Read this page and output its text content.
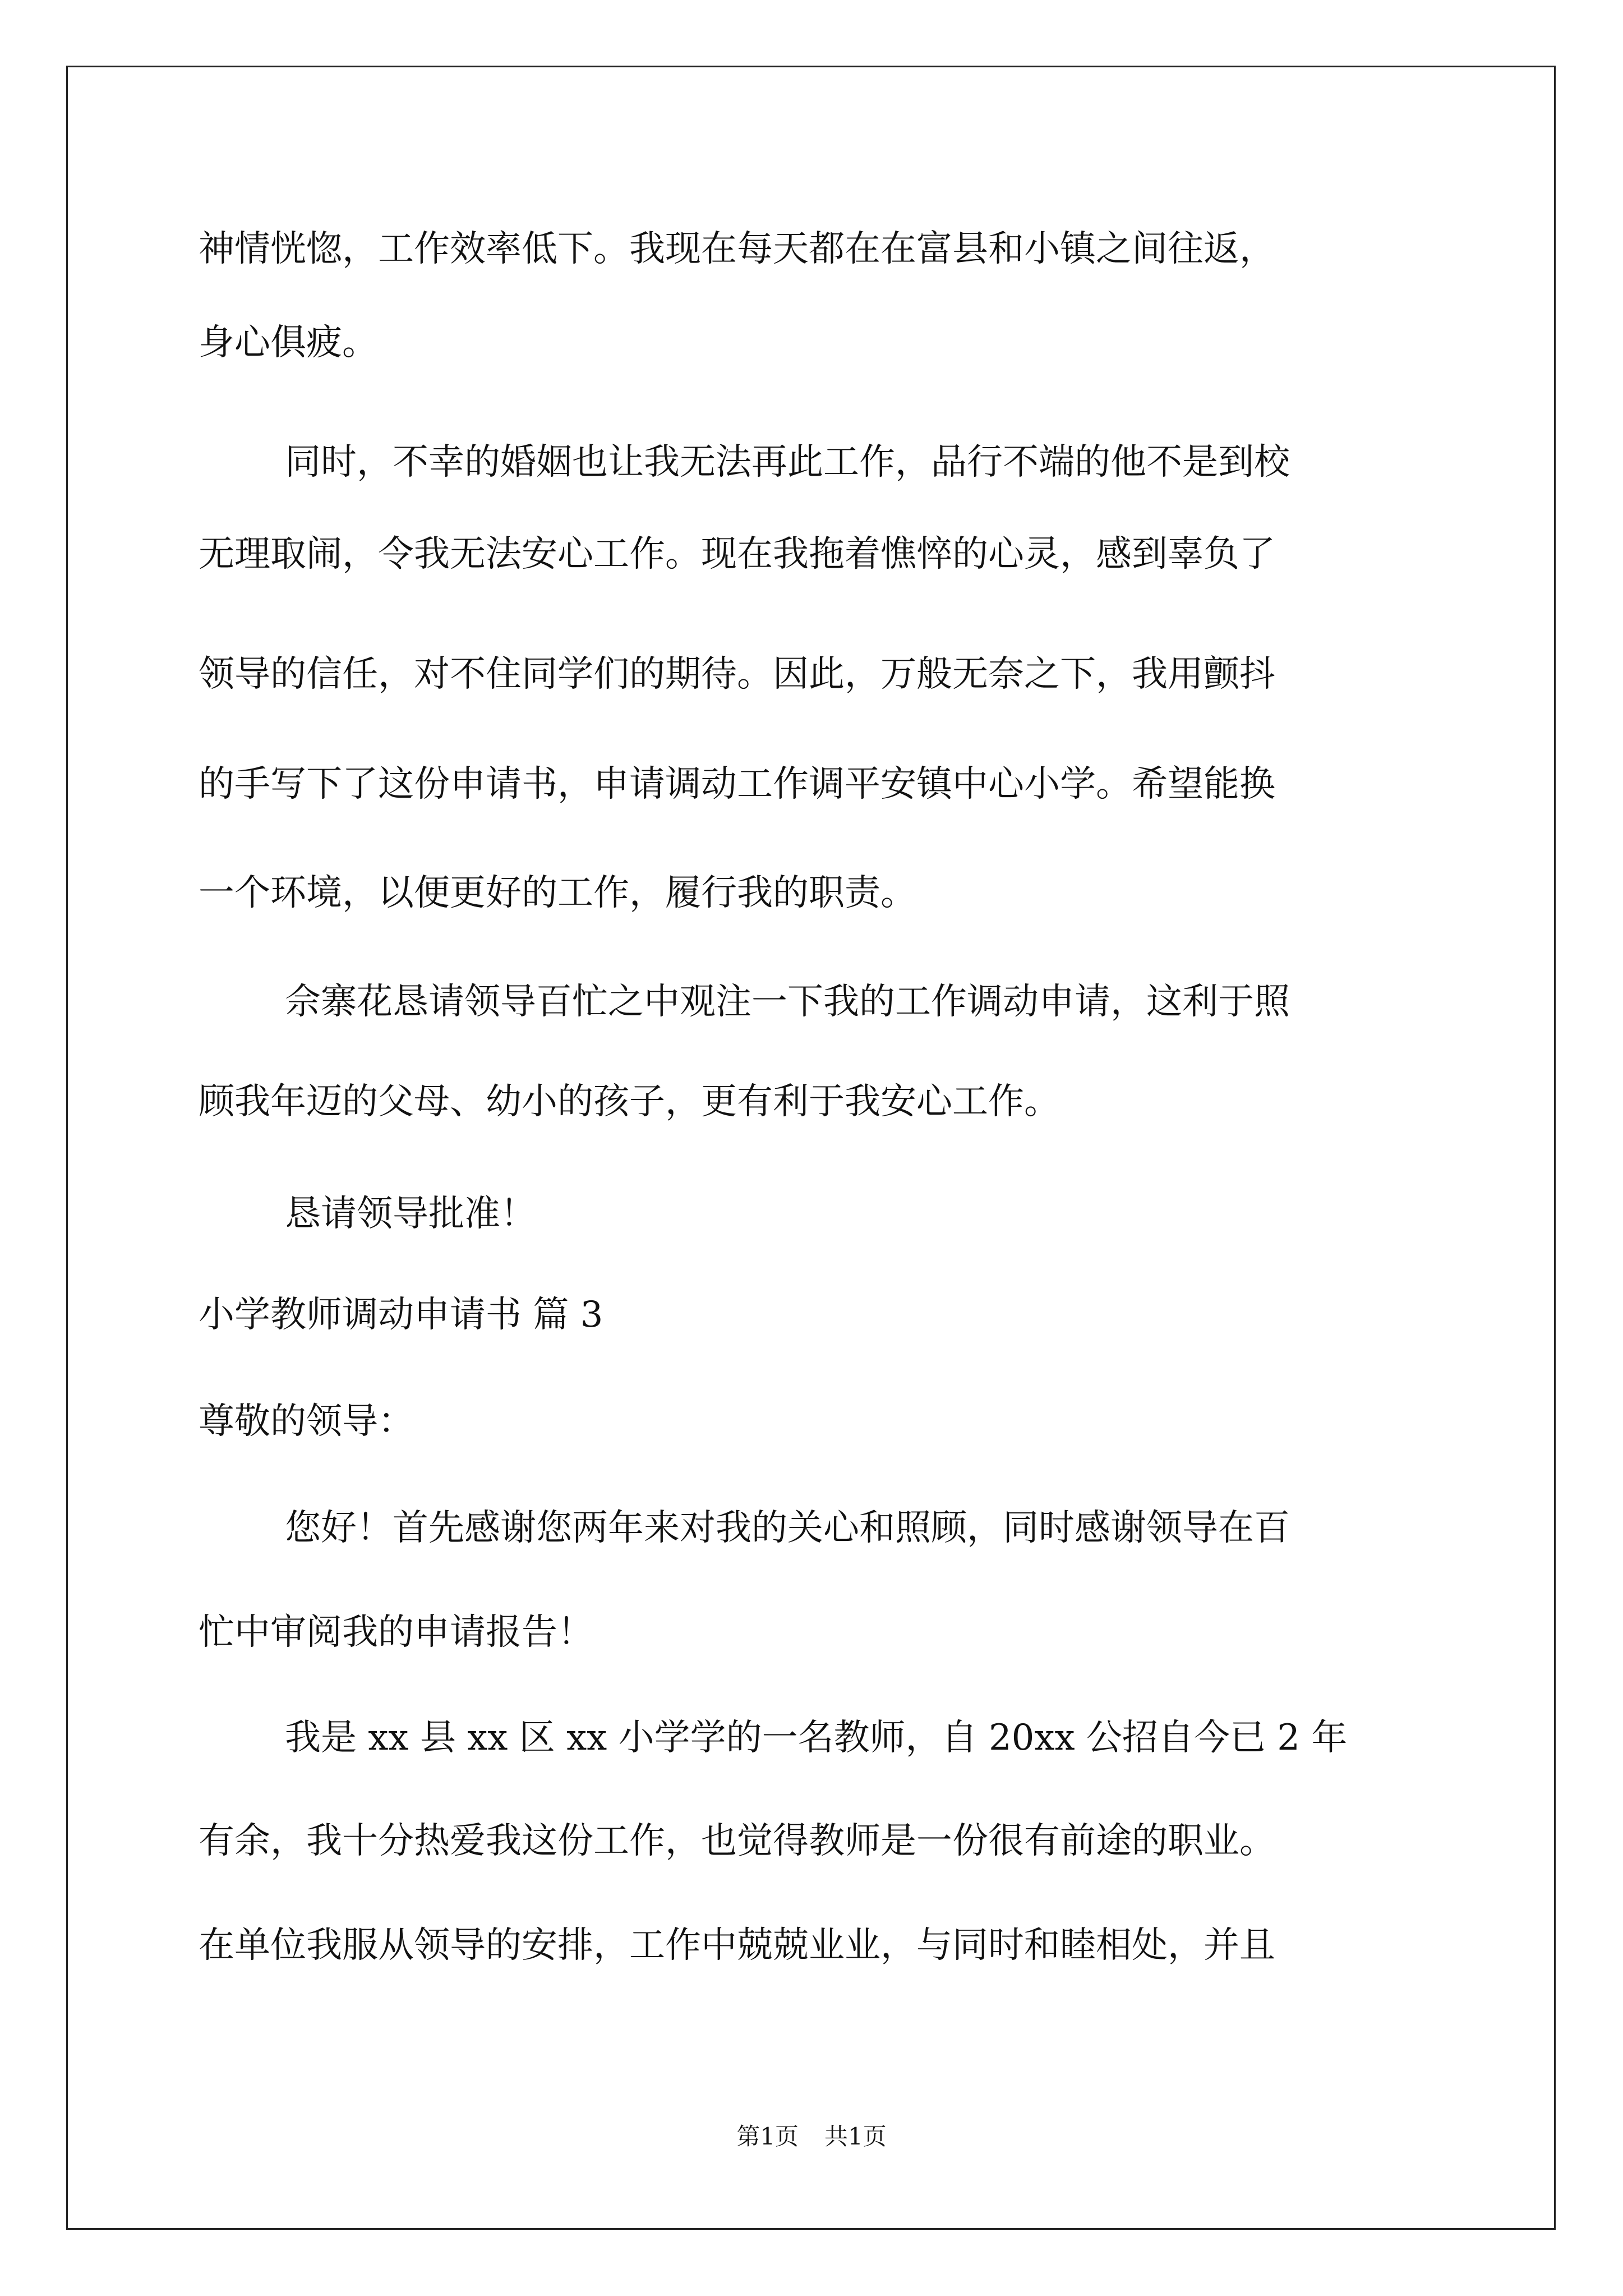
神情恍惚，工作效率低下。我现在每天都在在富县和小镇之间往返，
身心俱疲。
同时，不幸的婚姻也让我无法再此工作，品行不端的他不是到校
无理取闹，令我无法安心工作。现在我拖着憔悴的心灵，感到辜负了
领导的信任，对不住同学们的期待。因此，万般无奈之下，我用颤抖
的手写下了这份申请书，申请调动工作调平安镇中心小学。希望能换
一个环境，以便更好的工作，履行我的职责。
佘寨花恳请领导百忙之中观注一下我的工作调动申请，这利于照
顾我年迈的父母、幼小的孩子，更有利于我安心工作。
恳请领导批准！
小学教师调动申请书 篇 3
尊敬的领导：
您好！首先感谢您两年来对我的关心和照顾，同时感谢领导在百
忙中审阅我的申请报告！
我是 xx 县 xx 区 xx 小学学的一名教师，自 20xx 公招自今已 2 年
有余，我十分热爱我这份工作，也觉得教师是一份很有前途的职业。
在单位我服从领导的安排，工作中兢兢业业，与同时和睦相处，并且
第1页 共1页
